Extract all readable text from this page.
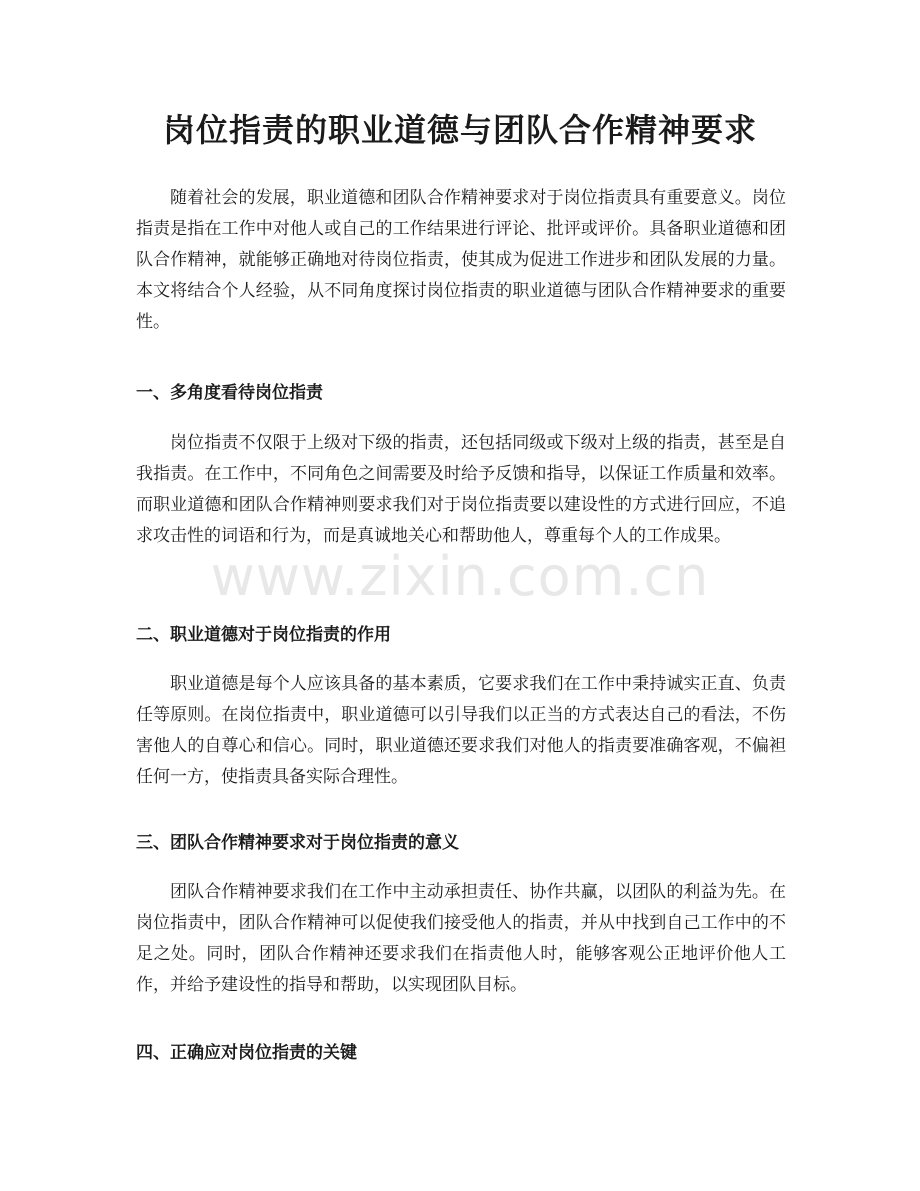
岗位指责的职业道德与团队合作精神要求

随着社会的发展，职业道德和团队合作精神要求对于岗位指责具有重要意义。岗位指责是指在工作中对他人或自己的工作结果进行评论、批评或评价。具备职业道德和团队合作精神，就能够正确地对待岗位指责，使其成为促进工作进步和团队发展的力量。本文将结合个人经验，从不同角度探讨岗位指责的职业道德与团队合作精神要求的重要性。

一、多角度看待岗位指责

岗位指责不仅限于上级对下级的指责，还包括同级或下级对上级的指责，甚至是自我指责。在工作中，不同角色之间需要及时给予反馈和指导，以保证工作质量和效率。而职业道德和团队合作精神则要求我们对于岗位指责要以建设性的方式进行回应，不追求攻击性的词语和行为，而是真诚地关心和帮助他人，尊重每个人的工作成果。

二、职业道德对于岗位指责的作用

职业道德是每个人应该具备的基本素质，它要求我们在工作中秉持诚实正直、负责任等原则。在岗位指责中，职业道德可以引导我们以正当的方式表达自己的看法，不伤害他人的自尊心和信心。同时，职业道德还要求我们对他人的指责要准确客观，不偏袒任何一方，使指责具备实际合理性。

三、团队合作精神要求对于岗位指责的意义

团队合作精神要求我们在工作中主动承担责任、协作共赢，以团队的利益为先。在岗位指责中，团队合作精神可以促使我们接受他人的指责，并从中找到自己工作中的不足之处。同时，团队合作精神还要求我们在指责他人时，能够客观公正地评价他人工作，并给予建设性的指导和帮助，以实现团队目标。

四、正确应对岗位指责的关键
www.zixin.com.cn
